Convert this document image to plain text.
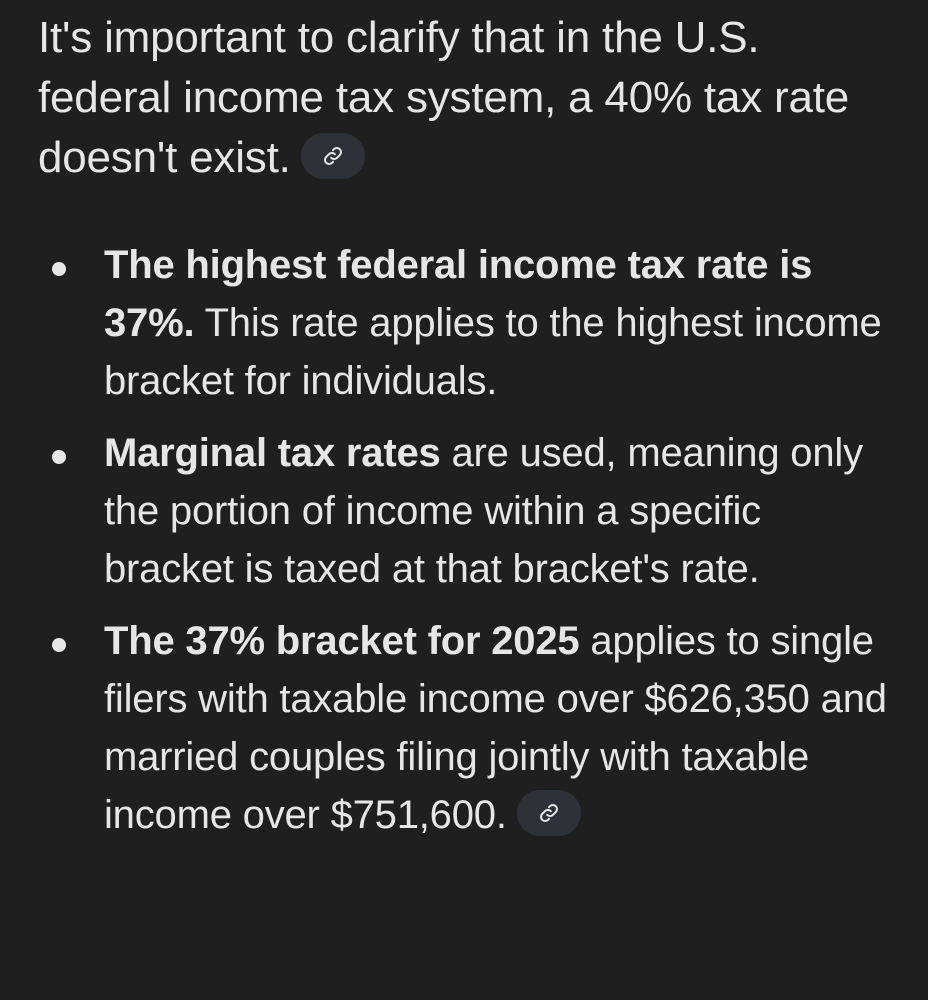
It's important to clarify that in the U.S. federal income tax system, a 40% tax rate doesn't exist.
The highest federal income tax rate is 37%. This rate applies to the highest income bracket for individuals.
Marginal tax rates are used, meaning only the portion of income within a specific bracket is taxed at that bracket's rate.
The 37% bracket for 2025 applies to single filers with taxable income over $626,350 and married couples filing jointly with taxable income over $751,600.
